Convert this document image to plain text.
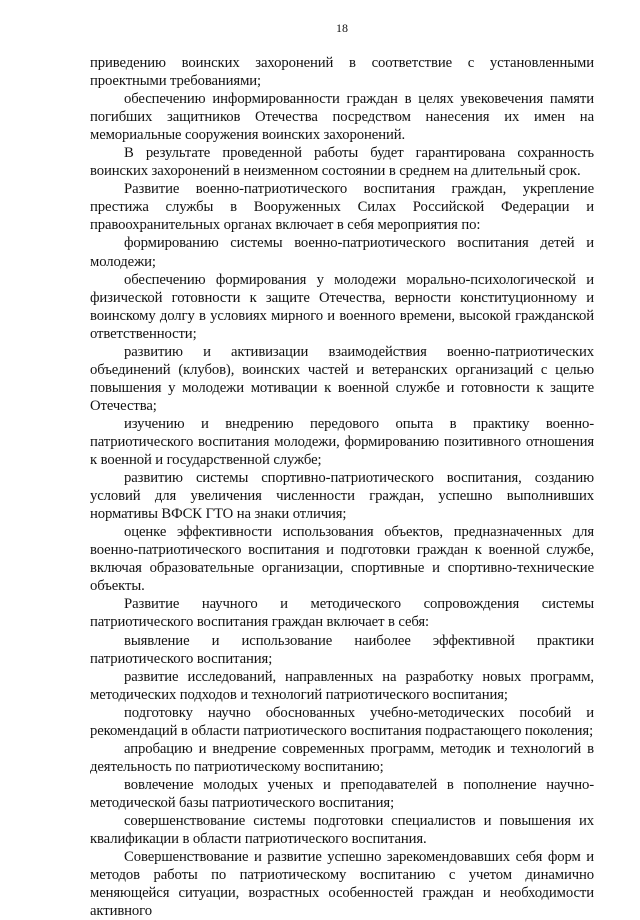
18

приведению воинских захоронений в соответствие с установленными проектными требованиями;

обеспечению информированности граждан в целях увековечения памяти погибших защитников Отечества посредством нанесения их имен на мемориальные сооружения воинских захоронений.

В результате проведенной работы будет гарантирована сохранность воинских захоронений в неизменном состоянии в среднем на длительный срок.

Развитие военно-патриотического воспитания граждан, укрепление престижа службы в Вооруженных Силах Российской Федерации и правоохранительных органах включает в себя мероприятия по:

формированию системы военно-патриотического воспитания детей и молодежи;

обеспечению формирования у молодежи морально-психологической и физической готовности к защите Отечества, верности конституционному и воинскому долгу в условиях мирного и военного времени, высокой гражданской ответственности;

развитию и активизации взаимодействия военно-патриотических объединений (клубов), воинских частей и ветеранских организаций с целью повышения у молодежи мотивации к военной службе и готовности к защите Отечества;

изучению и внедрению передового опыта в практику военно-патриотического воспитания молодежи, формированию позитивного отношения к военной и государственной службе;

развитию системы спортивно-патриотического воспитания, созданию условий для увеличения численности граждан, успешно выполнивших нормативы ВФСК ГТО на знаки отличия;

оценке эффективности использования объектов, предназначенных для военно-патриотического воспитания и подготовки граждан к военной службе, включая образовательные организации, спортивные и спортивно-технические объекты.

Развитие научного и методического сопровождения системы патриотического воспитания граждан включает в себя:

выявление и использование наиболее эффективной практики патриотического воспитания;

развитие исследований, направленных на разработку новых программ, методических подходов и технологий патриотического воспитания;

подготовку научно обоснованных учебно-методических пособий и рекомендаций в области патриотического воспитания подрастающего поколения;

апробацию и внедрение современных программ, методик и технологий в деятельность по патриотическому воспитанию;

вовлечение молодых ученых и преподавателей в пополнение научно-методической базы патриотического воспитания;

совершенствование системы подготовки специалистов и повышения их квалификации в области патриотического воспитания.

Совершенствование и развитие успешно зарекомендовавших себя форм и методов работы по патриотическому воспитанию с учетом динамично меняющейся ситуации, возрастных особенностей граждан и необходимости активного
